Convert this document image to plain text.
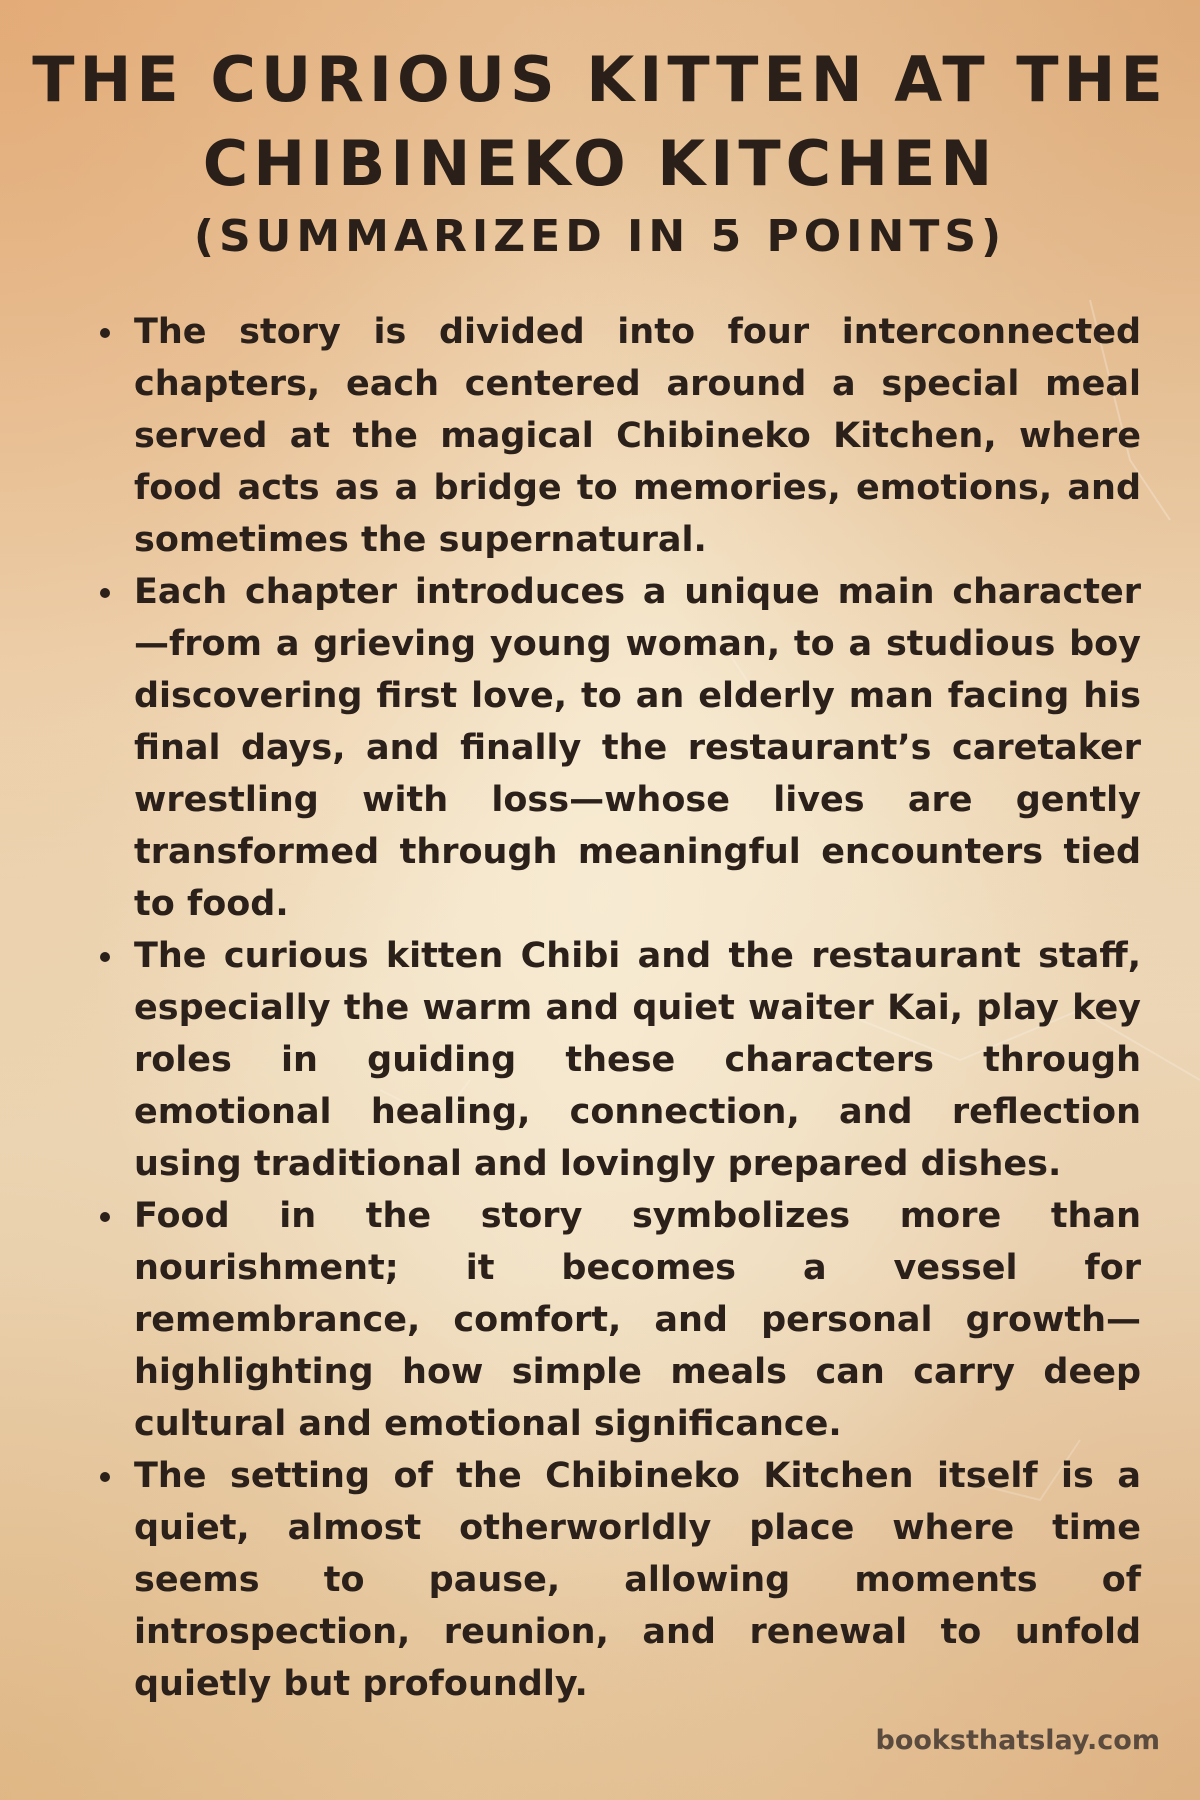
THE CURIOUS KITTEN AT THE
CHIBINEKO KITCHEN
(SUMMARIZED IN 5 POINTS)
The story is divided into four interconnected chapters, each centered around a special meal served at the magical Chibineko Kitchen, where food acts as a bridge to memories, emotions, and sometimes the supernatural.
Each chapter introduces a unique main character—from a grieving young woman, to a studious boy discovering first love, to an elderly man facing his final days, and finally the restaurant’s caretaker wrestling with loss—whose lives are gently transformed through meaningful encounters tied to food.
The curious kitten Chibi and the restaurant staff, especially the warm and quiet waiter Kai, play key roles in guiding these characters through emotional healing, connection, and reflection using traditional and lovingly prepared dishes.
Food in the story symbolizes more than nourishment; it becomes a vessel for remembrance, comfort, and personal growth—highlighting how simple meals can carry deep cultural and emotional significance.
The setting of the Chibineko Kitchen itself is a quiet, almost otherworldly place where time seems to pause, allowing moments of introspection, reunion, and renewal to unfold quietly but profoundly.
booksthatslay.com
